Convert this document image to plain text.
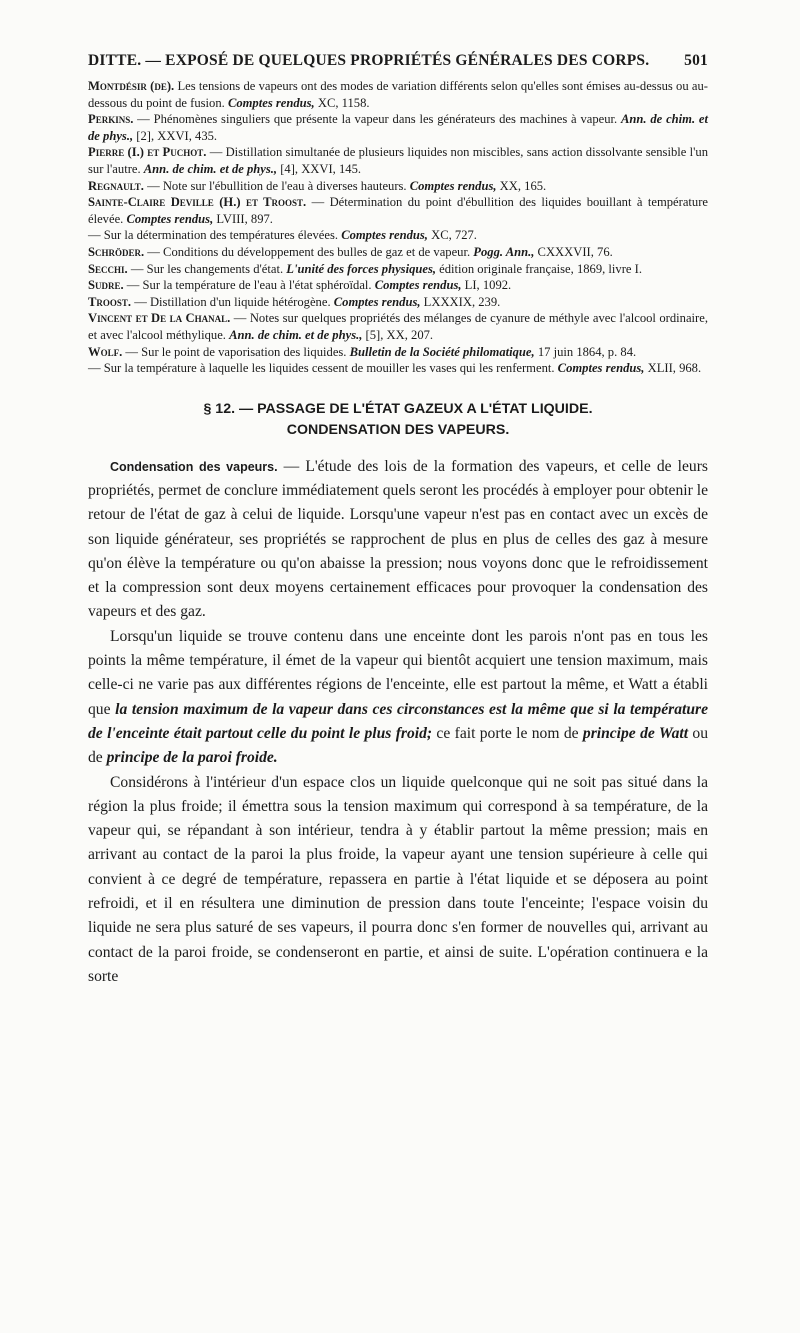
DITTE. — EXPOSÉ DE QUELQUES PROPRIÉTÉS GÉNÉRALES DES CORPS. 501

Montdésir (de). Les tensions de vapeurs ont des modes de variation différents selon qu'elles sont émises au-dessus ou au-dessous du point de fusion. Comptes rendus, XC, 1158.

Perkins. — Phénomènes singuliers que présente la vapeur dans les générateurs des machines à vapeur. Ann. de chim. et de phys., [2], XXVI, 435.

Pierre (I.) et Puchot. — Distillation simultanée de plusieurs liquides non miscibles, sans action dissolvante sensible l'un sur l'autre. Ann. de chim. et de phys., [4], XXVI, 145.

Regnault. — Note sur l'ébullition de l'eau à diverses hauteurs. Comptes rendus, XX, 165.

Sainte-Claire Deville (H.) et Troost. — Détermination du point d'ébullition des liquides bouillant à température élevée. Comptes rendus, LVIII, 897.

— Sur la détermination des températures élevées. Comptes rendus, XC, 727.

Schröder. — Conditions du développement des bulles de gaz et de vapeur. Pogg. Ann., CXXXVII, 76.

Secchi. — Sur les changements d'état. L'unité des forces physiques, édition originale française, 1869, livre I.

Sudre. — Sur la température de l'eau à l'état sphéroïdal. Comptes rendus, LI, 1092.

Troost. — Distillation d'un liquide hétérogène. Comptes rendus, LXXXIX, 239.

Vincent et De la Chanal. — Notes sur quelques propriétés des mélanges de cyanure de méthyle avec l'alcool ordinaire, et avec l'alcool méthylique. Ann. de chim. et de phys., [5], XX, 207.

Wolf. — Sur le point de vaporisation des liquides. Bulletin de la Société philomatique, 17 juin 1864, p. 84.

— Sur la température à laquelle les liquides cessent de mouiller les vases qui les renferment. Comptes rendus, XLII, 968.

§ 12. — PASSAGE DE L'ÉTAT GAZEUX A L'ÉTAT LIQUIDE.
CONDENSATION DES VAPEURS.

Condensation des vapeurs. — L'étude des lois de la formation des vapeurs, et celle de leurs propriétés, permet de conclure immédiatement quels seront les procédés à employer pour obtenir le retour de l'état de gaz à celui de liquide. Lorsqu'une vapeur n'est pas en contact avec un excès de son liquide générateur, ses propriétés se rapprochent de plus en plus de celles des gaz à mesure qu'on élève la température ou qu'on abaisse la pression; nous voyons donc que le refroidissement et la compression sont deux moyens certainement efficaces pour provoquer la condensation des vapeurs et des gaz.

Lorsqu'un liquide se trouve contenu dans une enceinte dont les parois n'ont pas en tous les points la même température, il émet de la vapeur qui bientôt acquiert une tension maximum, mais celle-ci ne varie pas aux différentes régions de l'enceinte, elle est partout la même, et Watt a établi que la tension maximum de la vapeur dans ces circonstances est la même que si la température de l'enceinte était partout celle du point le plus froid; ce fait porte le nom de principe de Watt ou de principe de la paroi froide.

Considérons à l'intérieur d'un espace clos un liquide quelconque qui ne soit pas situé dans la région la plus froide; il émettra sous la tension maximum qui correspond à sa température, de la vapeur qui, se répandant à son intérieur, tendra à y établir partout la même pression; mais en arrivant au contact de la paroi la plus froide, la vapeur ayant une tension supérieure à celle qui convient à ce degré de température, repassera en partie à l'état liquide et se déposera au point refroidi, et il en résultera une diminution de pression dans toute l'enceinte; l'espace voisin du liquide ne sera plus saturé de ses vapeurs, il pourra donc s'en former de nouvelles qui, arrivant au contact de la paroi froide, se condenseront en partie, et ainsi de suite. L'opération continuera e la sorte
